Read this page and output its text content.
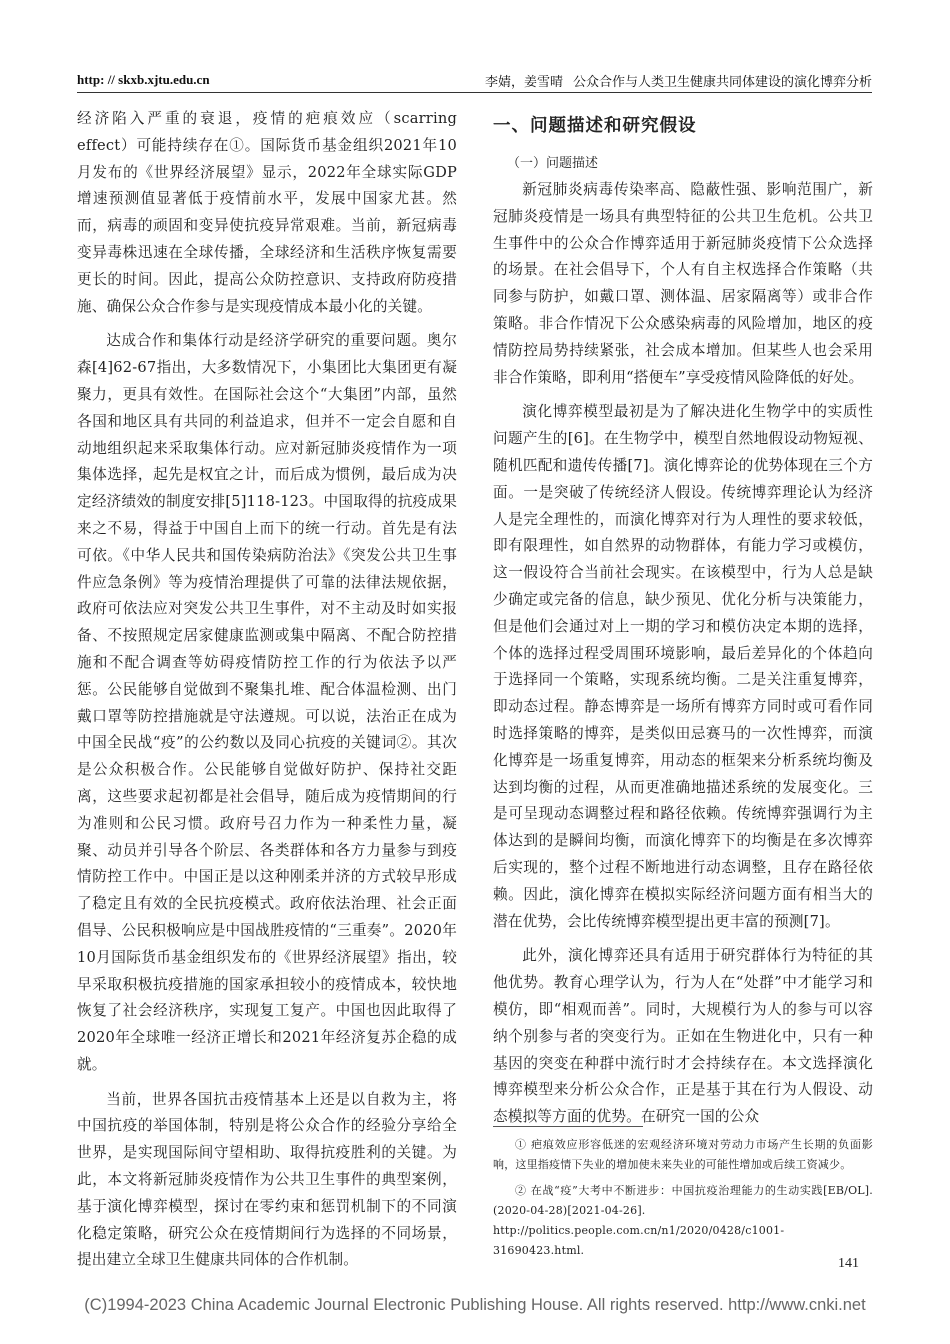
http: // skxb.xjtu.edu.cn	李婧，姜雪晴 公众合作与人类卫生健康共同体建设的演化博弈分析

经济陷入严重的衰退，疫情的疤痕效应（scarring effect）可能持续存在①。国际货币基金组织2021年10月发布的《世界经济展望》显示，2022年全球实际GDP增速预测值显著低于疫情前水平，发展中国家尤甚。然而，病毒的顽固和变异使抗疫异常艰难。当前，新冠病毒变异毒株迅速在全球传播，全球经济和生活秩序恢复需要更长的时间。因此，提高公众防控意识、支持政府防疫措施、确保公众合作参与是实现疫情成本最小化的关键。

达成合作和集体行动是经济学研究的重要问题。奥尔森[4]62-67指出，大多数情况下，小集团比大集团更有凝聚力，更具有效性。在国际社会这个“大集团”内部，虽然各国和地区具有共同的利益追求，但并不一定会自愿和自动地组织起来采取集体行动。应对新冠肺炎疫情作为一项集体选择，起先是权宜之计，而后成为惯例，最后成为决定经济绩效的制度安排[5]118-123。中国取得的抗疫成果来之不易，得益于中国自上而下的统一行动。首先是有法可依。《中华人民共和国传染病防治法》《突发公共卫生事件应急条例》等为疫情治理提供了可靠的法律法规依据，政府可依法应对突发公共卫生事件，对不主动及时如实报备、不按照规定居家健康监测或集中隔离、不配合防控措施和不配合调查等妨碍疫情防控工作的行为依法予以严惩。公民能够自觉做到不聚集扎堆、配合体温检测、出门戴口罩等防控措施就是守法遵规。可以说，法治正在成为中国全民战“疫”的公约数以及同心抗疫的关键词②。其次是公众积极合作。公民能够自觉做好防护、保持社交距离，这些要求起初都是社会倡导，随后成为疫情期间的行为准则和公民习惯。政府号召力作为一种柔性力量，凝聚、动员并引导各个阶层、各类群体和各方力量参与到疫情防控工作中。中国正是以这种刚柔并济的方式较早形成了稳定且有效的全民抗疫模式。政府依法治理、社会正面倡导、公民积极响应是中国战胜疫情的“三重奏”。2020年10月国际货币基金组织发布的《世界经济展望》指出，较早采取积极抗疫措施的国家承担较小的疫情成本，较快地恢复了社会经济秩序，实现复工复产。中国也因此取得了2020年全球唯一经济正增长和2021年经济复苏企稳的成就。

当前，世界各国抗击疫情基本上还是以自救为主，将中国抗疫的举国体制，特别是将公众合作的经验分享给全世界，是实现国际间守望相助、取得抗疫胜利的关键。为此，本文将新冠肺炎疫情作为公共卫生事件的典型案例，基于演化博弈模型，探讨在零约束和惩罚机制下的不同演化稳定策略，研究公众在疫情期间行为选择的不同场景，提出建立全球卫生健康共同体的合作机制。

一、问题描述和研究假设
（一）问题描述

新冠肺炎病毒传染率高、隐蔽性强、影响范围广，新冠肺炎疫情是一场具有典型特征的公共卫生危机。公共卫生事件中的公众合作博弈适用于新冠肺炎疫情下公众选择的场景。在社会倡导下，个人有自主权选择合作策略（共同参与防护，如戴口罩、测体温、居家隔离等）或非合作策略。非合作情况下公众感染病毒的风险增加，地区的疫情防控局势持续紧张，社会成本增加。但某些人也会采用非合作策略，即利用“搭便车”享受疫情风险降低的好处。

演化博弈模型最初是为了解决进化生物学中的实质性问题产生的[6]。在生物学中，模型自然地假设动物短视、随机匹配和遗传传播[7]。演化博弈论的优势体现在三个方面。一是突破了传统经济人假设。传统博弈理论认为经济人是完全理性的，而演化博弈对行为人理性的要求较低，即有限理性，如自然界的动物群体，有能力学习或模仿，这一假设符合当前社会现实。在该模型中，行为人总是缺少确定或完备的信息，缺少预见、优化分析与决策能力，但是他们会通过对上一期的学习和模仿决定本期的选择，个体的选择过程受周围环境影响，最后差异化的个体趋向于选择同一个策略，实现系统均衡。二是关注重复博弈，即动态过程。静态博弈是一场所有博弈方同时或可看作同时选择策略的博弈，是类似田忌赛马的一次性博弈，而演化博弈是一场重复博弈，用动态的框架来分析系统均衡及达到均衡的过程，从而更准确地描述系统的发展变化。三是可呈现动态调整过程和路径依赖。传统博弈强调行为主体达到的是瞬间均衡，而演化博弈下的均衡是在多次博弈后实现的，整个过程不断地进行动态调整，且存在路径依赖。因此，演化博弈在模拟实际经济问题方面有相当大的潜在优势，会比传统博弈模型提出更丰富的预测[7]。

此外，演化博弈还具有适用于研究群体行为特征的其他优势。教育心理学认为，行为人在“处群”中才能学习和模仿，即“相观而善”。同时，大规模行为人的参与可以容纳个别参与者的突变行为。正如在生物进化中，只有一种基因的突变在种群中流行时才会持续存在。本文选择演化博弈模型来分析公众合作，正是基于其在行为人假设、动态模拟等方面的优势。在研究一国的公众

① 疤痕效应形容低迷的宏观经济环境对劳动力市场产生长期的负面影响，这里指疫情下失业的增加使未来失业的可能性增加或后续工资减少。

② 在战“疫”大考中不断进步：中国抗疫治理能力的生动实践[EB/OL].(2020-04-28)[2021-04-26]. http://politics.people.com.cn/n1/2020/0428/c1001-31690423.html.

141
(C)1994-2023 China Academic Journal Electronic Publishing House. All rights reserved. http://www.cnki.net
